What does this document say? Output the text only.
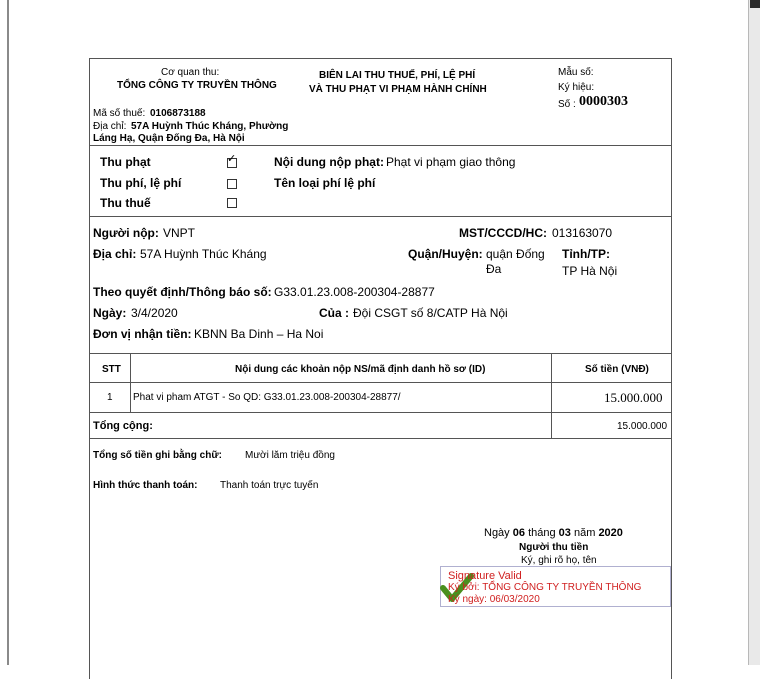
Cơ quan thu:
TỔNG CÔNG TY TRUYỀN THÔNG
BIÊN LAI THU THUẾ, PHÍ, LỆ PHÍ
VÀ THU PHẠT VI PHẠM HÀNH CHÍNH
Mẫu số:
Ký hiệu:
Số : 0000303
Mã số thuế: 0106873188
Địa chỉ: 57A Huỳnh Thúc Kháng, Phường
Láng Hạ, Quận Đống Đa, Hà Nội
Thu phạt	✓
Thu phí, lệ phí
Thu thuế
Nội dung nộp phạt: Phạt vi phạm giao thông
Tên loại phí lệ phí
Người nộp: VNPT	MST/CCCD/HC: 013163070
Địa chỉ: 57A Huỳnh Thúc Kháng	Quận/Huyện: quận Đống
Đa
Tỉnh/TP:
TP Hà Nội
Theo quyết định/Thông báo số: G33.01.23.008-200304-28877
Ngày: 3/4/2020	Của : Đội CSGT số 8/CATP Hà Nội
Đơn vị nhận tiền: KBNN Ba Dinh – Ha Noi
STT	Nội dung các khoản nộp NS/mã định danh hồ sơ (ID)	Số tiền (VNĐ)
1 Phat vi pham ATGT - So QD: G33.01.23.008-200304-28877/	15.000.000
Tổng cộng:	15.000.000
Tổng số tiền ghi bằng chữ: Mười lăm triệu đồng
Hình thức thanh toán: Thanh toán trực tuyến
Ngày 06 tháng 03 năm 2020
Người thu tiền
Ký, ghi rõ họ, tên
Signature Valid
Ký bởi: TỔNG CÔNG TY TRUYỀN THÔNG
Ký ngày: 06/03/2020
